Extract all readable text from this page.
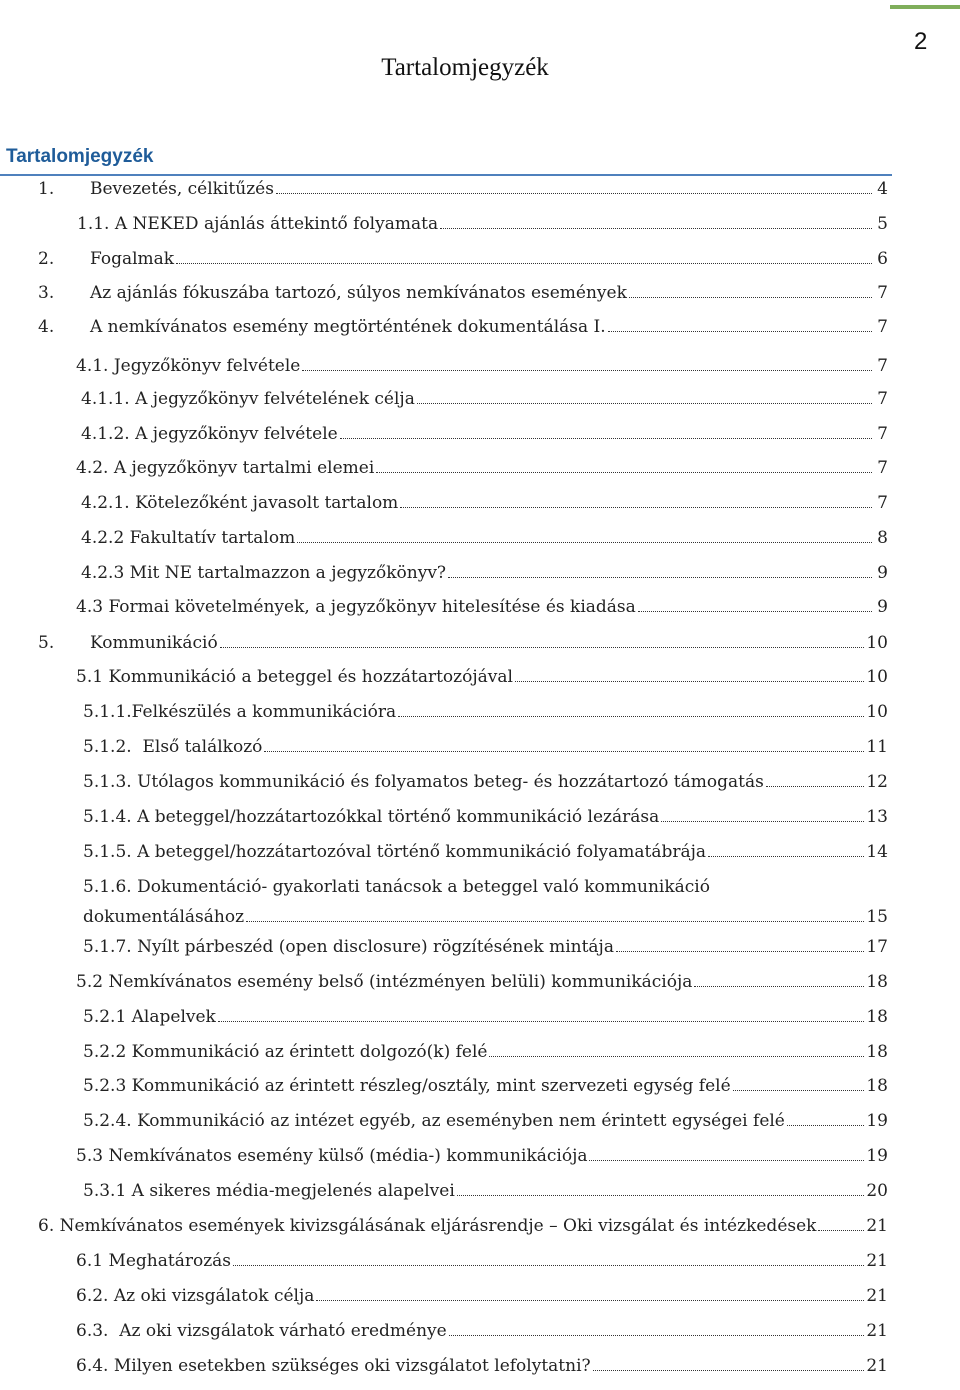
2
Tartalomjegyzék
Tartalomjegyzék
1.	Bevezetés, célkitűzés	4
1.1. A NEKED ajánlás áttekintő folyamata	5
2.	Fogalmak	6
3.	Az ajánlás fókuszába tartozó, súlyos nemkívánatos események	7
4.	A nemkívánatos esemény megtörténtének dokumentálása I.	7
4.1. Jegyzőkönyv felvétele	7
4.1.1. A jegyzőkönyv felvételének célja	7
4.1.2. A jegyzőkönyv felvétele	7
4.2. A jegyzőkönyv tartalmi elemei	7
4.2.1. Kötelezőként javasolt tartalom	7
4.2.2 Fakultatív tartalom	8
4.2.3 Mit NE tartalmazzon a jegyzőkönyv?	9
4.3 Formai követelmények, a jegyzőkönyv hitelesítése és kiadása	9
5.	Kommunikáció	10
5.1 Kommunikáció a beteggel és hozzátartozójával	10
5.1.1.Felkészülés a kommunikációra	10
5.1.2.  Első találkozó	11
5.1.3. Utólagos kommunikáció és folyamatos beteg- és hozzátartozó támogatás	12
5.1.4. A beteggel/hozzátartozókkal történő kommunikáció lezárása	13
5.1.5. A beteggel/hozzátartozóval történő kommunikáció folyamatábrája	14
5.1.6. Dokumentáció- gyakorlati tanácsok a beteggel való kommunikáció
dokumentálásához	15
5.1.7. Nyílt párbeszéd (open disclosure) rögzítésének mintája	17
5.2 Nemkívánatos esemény belső (intézményen belüli) kommunikációja	18
5.2.1 Alapelvek	18
5.2.2 Kommunikáció az érintett dolgozó(k) felé	18
5.2.3 Kommunikáció az érintett részleg/osztály, mint szervezeti egység felé	18
5.2.4. Kommunikáció az intézet egyéb, az eseményben nem érintett egységei felé	19
5.3 Nemkívánatos esemény külső (média-) kommunikációja	19
5.3.1 A sikeres média-megjelenés alapelvei	20
6. Nemkívánatos események kivizsgálásának eljárásrendje – Oki vizsgálat és intézkedések	21
6.1 Meghatározás	21
6.2. Az oki vizsgálatok célja	21
6.3.  Az oki vizsgálatok várható eredménye	21
6.4. Milyen esetekben szükséges oki vizsgálatot lefolytatni?	21
